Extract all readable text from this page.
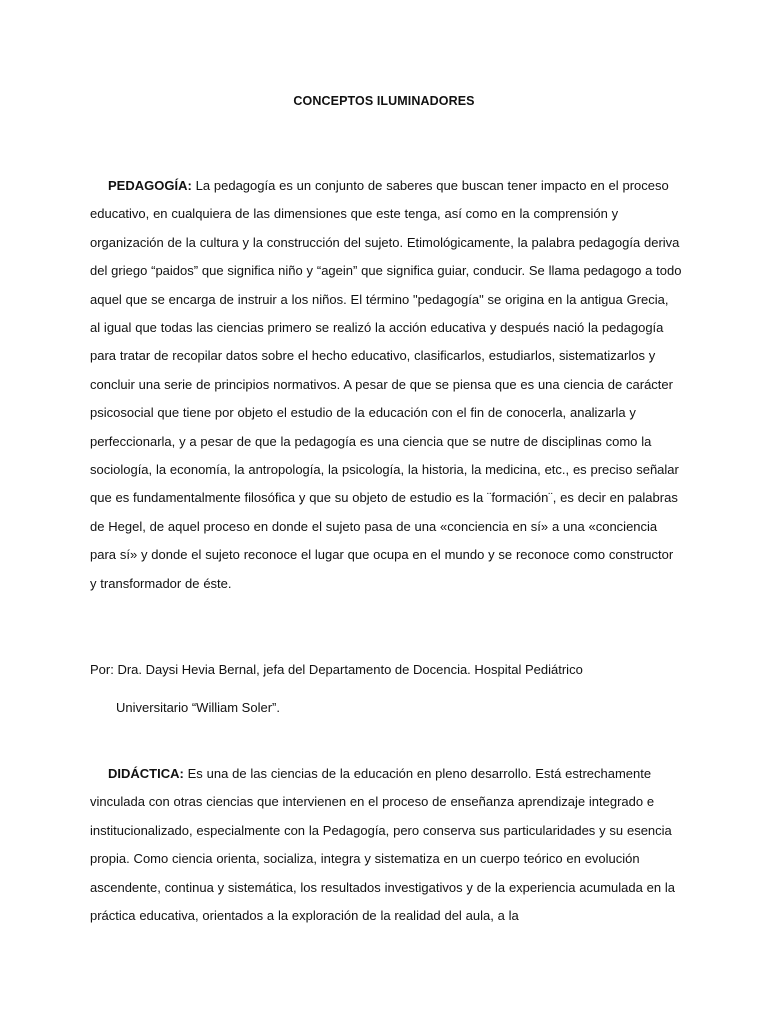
CONCEPTOS ILUMINADORES
PEDAGOGÍA: La pedagogía es un conjunto de saberes que buscan tener impacto en el proceso educativo, en cualquiera de las dimensiones que este tenga, así como en la comprensión y organización de la cultura y la construcción del sujeto. Etimológicamente, la palabra pedagogía deriva del griego “paidos” que significa niño y “agein” que significa guiar, conducir. Se llama pedagogo a todo aquel que se encarga de instruir a los niños. El término "pedagogía" se origina en la antigua Grecia, al igual que todas las ciencias primero se realizó la acción educativa y después nació la pedagogía para tratar de recopilar datos sobre el hecho educativo, clasificarlos, estudiarlos, sistematizarlos y concluir una serie de principios normativos. A pesar de que se piensa que es una ciencia de carácter psicosocial que tiene por objeto el estudio de la educación con el fin de conocerla, analizarla y perfeccionarla, y a pesar de que la pedagogía es una ciencia que se nutre de disciplinas como la sociología, la economía, la antropología, la psicología, la historia, la medicina, etc., es preciso señalar que es fundamentalmente filosófica y que su objeto de estudio es la ¨formación¨, es decir en palabras de Hegel, de aquel proceso en donde el sujeto pasa de una «conciencia en sí» a una «conciencia para sí» y donde el sujeto reconoce el lugar que ocupa en el mundo y se reconoce como constructor y transformador de éste.
Por: Dra. Daysi Hevia Bernal, jefa del Departamento de Docencia. Hospital Pediátrico
Universitario “William Soler”.
DIDÁCTICA: Es una de las ciencias de la educación en pleno desarrollo. Está estrechamente vinculada con otras ciencias que intervienen en el proceso de enseñanza aprendizaje integrado e institucionalizado, especialmente con la Pedagogía, pero conserva sus particularidades y su esencia propia. Como ciencia orienta, socializa, integra y sistematiza en un cuerpo teórico en evolución ascendente, continua y sistemática, los resultados investigativos y de la experiencia acumulada en la práctica educativa, orientados a la exploración de la realidad del aula, a la
